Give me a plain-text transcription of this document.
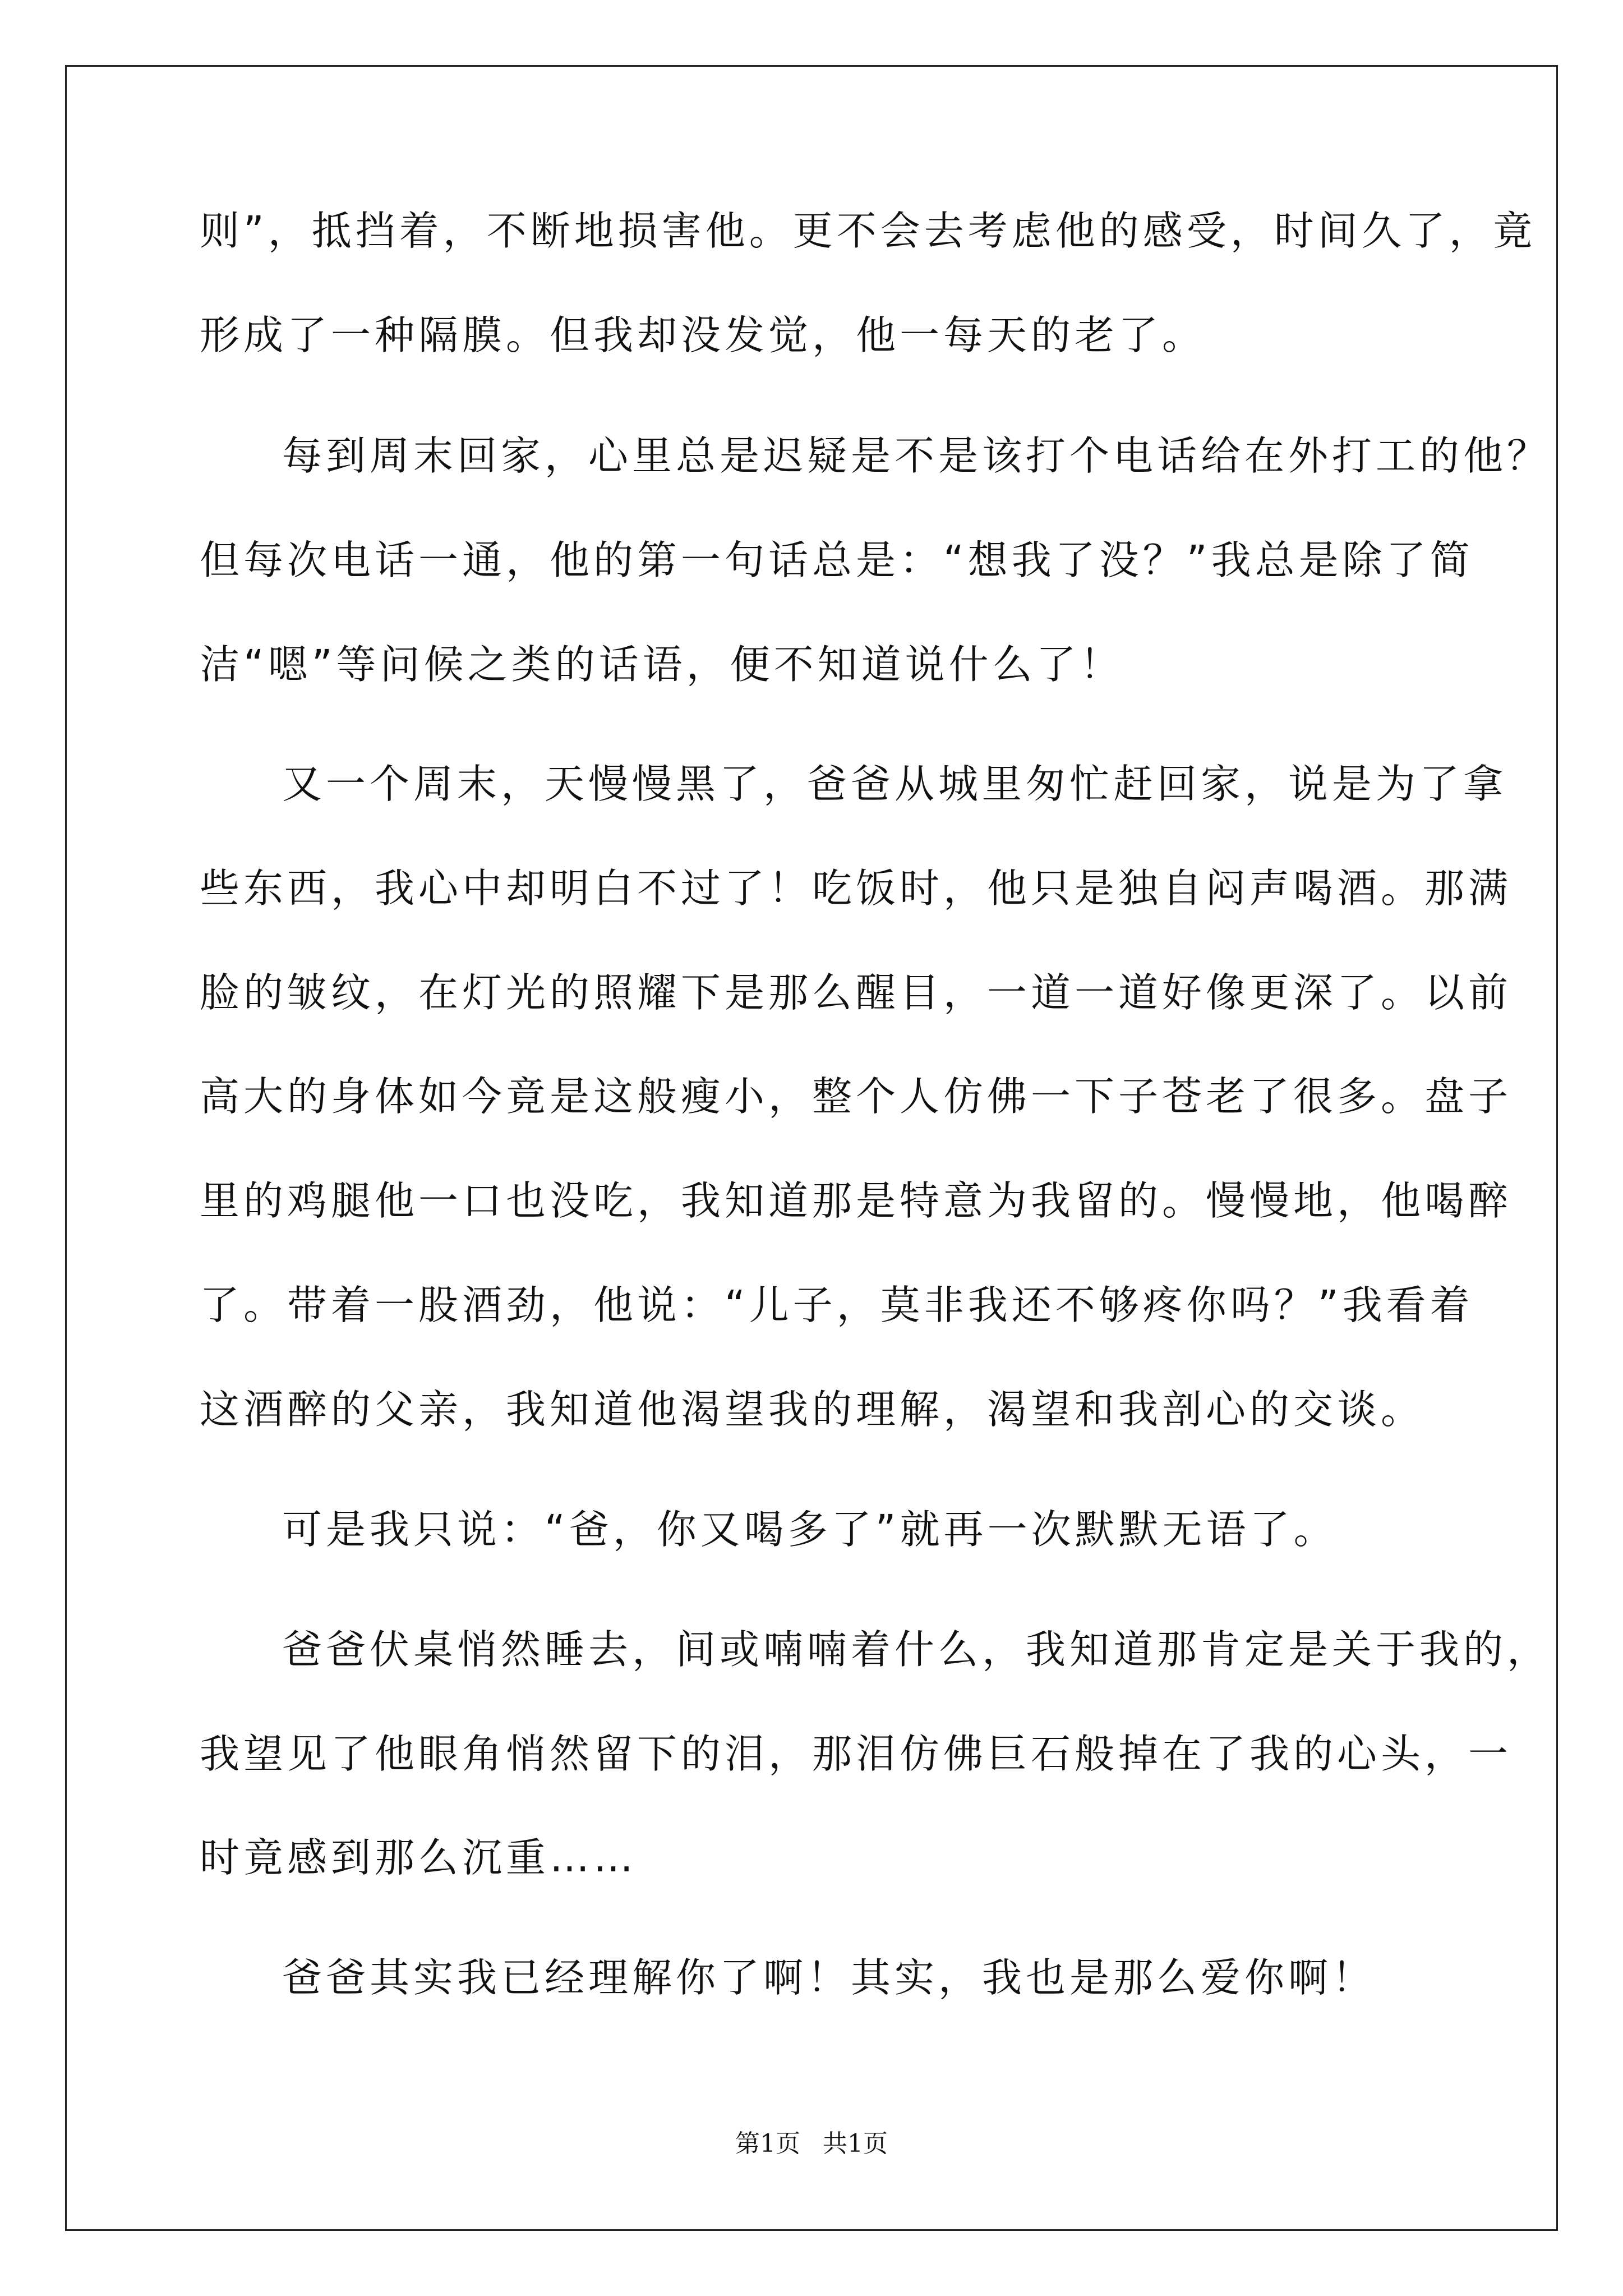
则”，抵挡着，不断地损害他。更不会去考虑他的感受，时间久了，竟
形成了一种隔膜。但我却没发觉，他一每天的老了。
每到周末回家，心里总是迟疑是不是该打个电话给在外打工的他？
但每次电话一通，他的第一句话总是：“想我了没？”我总是除了简
洁“嗯”等问候之类的话语，便不知道说什么了！
又一个周末，天慢慢黑了，爸爸从城里匆忙赶回家，说是为了拿
些东西，我心中却明白不过了！吃饭时，他只是独自闷声喝酒。那满
脸的皱纹，在灯光的照耀下是那么醒目，一道一道好像更深了。以前
高大的身体如今竟是这般瘦小，整个人仿佛一下子苍老了很多。盘子
里的鸡腿他一口也没吃，我知道那是特意为我留的。慢慢地，他喝醉
了。带着一股酒劲，他说：“儿子，莫非我还不够疼你吗？”我看着
这酒醉的父亲，我知道他渴望我的理解，渴望和我剖心的交谈。
可是我只说：“爸，你又喝多了”就再一次默默无语了。
爸爸伏桌悄然睡去，间或喃喃着什么，我知道那肯定是关于我的，
我望见了他眼角悄然留下的泪，那泪仿佛巨石般掉在了我的心头，一
时竟感到那么沉重……
爸爸其实我已经理解你了啊！其实，我也是那么爱你啊！
第1页 共1页
